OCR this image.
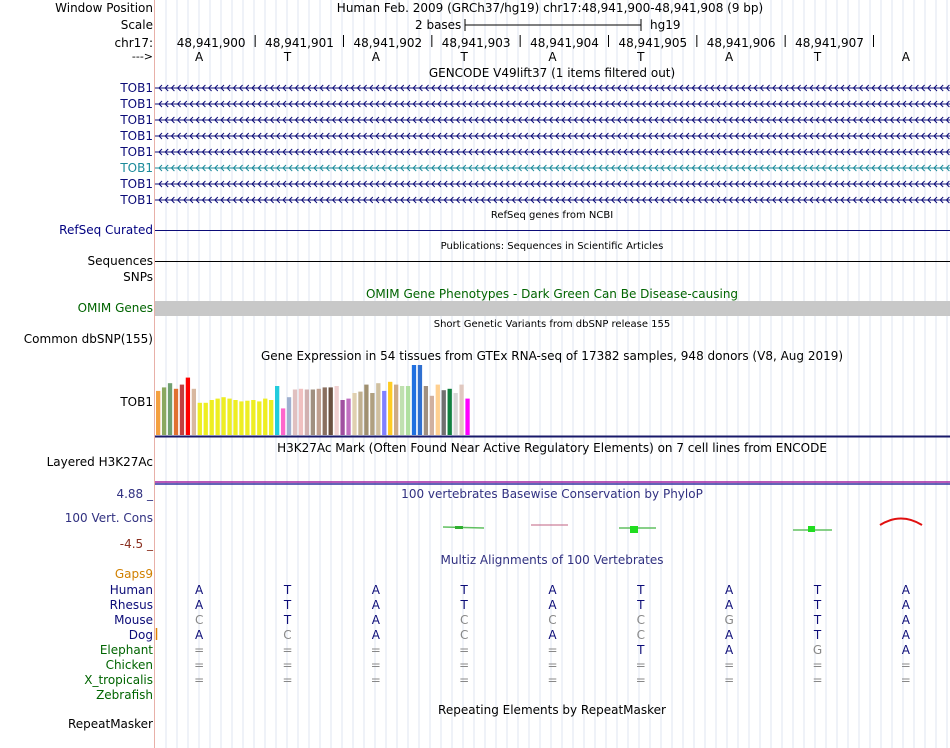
Window Position	Human Feb. 2009 (GRCh37/hg19) chr17:48,941,900-48,941,908 (9 bp)
Scale	2 bases	hg19
chr17:
--->
GENCODE V49lift37 (1 items filtered out)
RefSeq genes from NCBI
RefSeq Curated
Publications: Sequences in Scientific Articles
Sequences
SNPs
OMIM Gene Phenotypes - Dark Green Can Be Disease-causing
OMIM Genes
Short Genetic Variants from dbSNP release 155
Common dbSNP(155)
Gene Expression in 54 tissues from GTEx RNA-seq of 17382 samples, 948 donors (V8, Aug 2019)
TOB1
H3K27Ac Mark (Often Found Near Active Regulatory Elements) on 7 cell lines from ENCODE
Layered H3K27Ac
100 vertebrates Basewise Conservation by PhyloP
4.88 _
100 Vert. Cons
-4.5 _
Multiz Alignments of 100 Vertebrates
Gaps9
Repeating Elements by RepeatMasker
RepeatMasker
48,941,900 48,941,901 48,941,902 48,941,903 48,941,904 48,941,905 48,941,906 48,941,907
A	T	A	T	A	T	A	T	A
TOB1
TOB1
TOB1
TOB1
TOB1
TOB1
TOB1
TOB1
Human	A	T	A	T	A	T	A	T	A
Rhesus	A	T	A	T	A	T	A	T	A
Mouse	C	T	A	C	C	C	G	T	A
Dog	A	C	A	C	A	C	A	T	A
Elephant	=	=	=	=	=	T	A	G	A
Chicken	=	=	=	=	=	=	=	=	=
X_tropicalis	=	=	=	=	=	=	=	=	=
Zebrafish
